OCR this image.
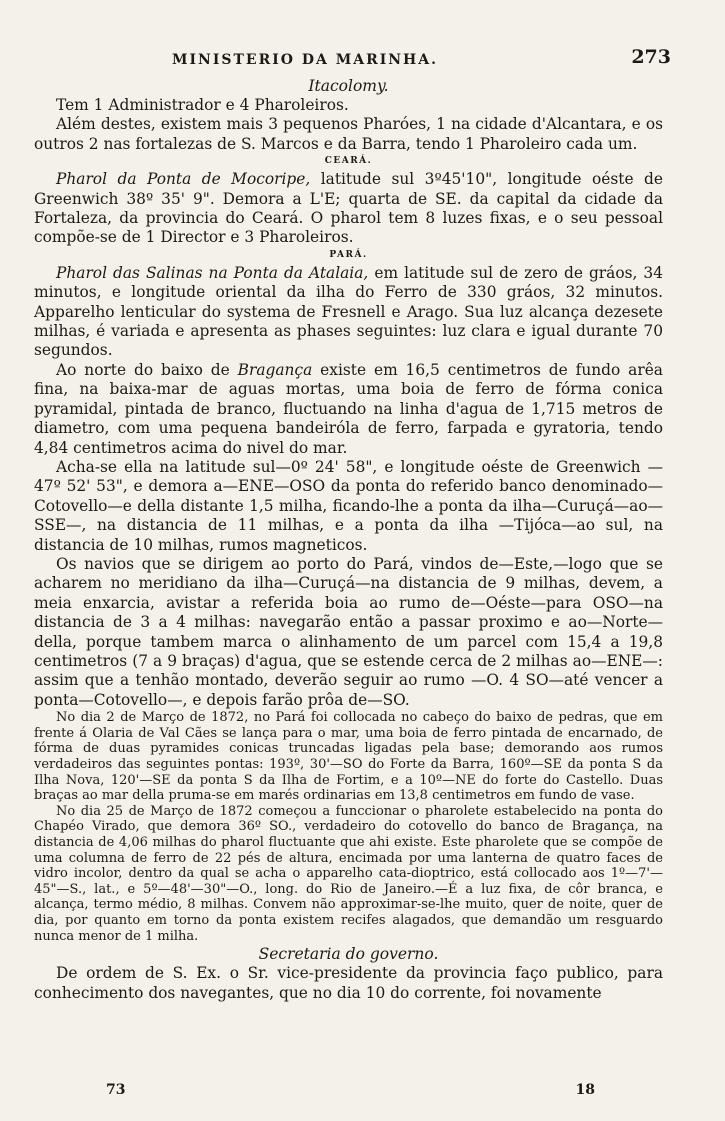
MINISTERIO DA MARINHA.	273
Itacolomy.

Tem 1 Administrador e 4 Pharoleiros.

Além destes, existem mais 3 pequenos Pharóes, 1 na cidade d'Alcantara, e os outros 2 nas fortalezas de S. Marcos e da Barra, tendo 1 Pharoleiro cada um.

CEARÁ.

Pharol da Ponta de Mocoripe, latitude sul 3º45'10", longitude oéste de Greenwich 38º 35' 9". Demora a L'E; quarta de SE. da capital da cidade da Fortaleza, da provincia do Ceará. O pharol tem 8 luzes fixas, e o seu pessoal compõe-se de 1 Director e 3 Pharoleiros.

PARÁ.

Pharol das Salinas na Ponta da Atalaia, em latitude sul de zero de gráos, 34 minutos, e longitude oriental da ilha do Ferro de 330 gráos, 32 minutos. Apparelho lenticular do systema de Fresnell e Arago. Sua luz alcança dezesete milhas, é variada e apresenta as phases seguintes: luz clara e igual durante 70 segundos.

Ao norte do baixo de Bragança existe em 16,5 centimetros de fundo arêa fina, na baixa-mar de aguas mortas, uma boia de ferro de fórma conica pyramidal, pintada de branco, fluctuando na linha d'agua de 1,715 metros de diametro, com uma pequena bandeiróla de ferro, farpada e gyratoria, tendo 4,84 centimetros acima do nivel do mar.

Acha-se ella na latitude sul—0º 24' 58", e longitude oéste de Greenwich —47º 52' 53", e demora a—ENE—OSO da ponta do referido banco denominado—Cotovello—e della distante 1,5 milha, ficando-lhe a ponta da ilha—Curuçá—ao—SSE—, na distancia de 11 milhas, e a ponta da ilha —Tijóca—ao sul, na distancia de 10 milhas, rumos magneticos.

Os navios que se dirigem ao porto do Pará, vindos de—Este,—logo que se acharem no meridiano da ilha—Curuçá—na distancia de 9 milhas, devem, a meia enxarcia, avistar a referida boia ao rumo de—Oéste—para OSO—na distancia de 3 a 4 milhas: navegarão então a passar proximo e ao—Norte—della, porque tambem marca o alinhamento de um parcel com 15,4 a 19,8 centimetros (7 a 9 braças) d'agua, que se estende cerca de 2 milhas ao—ENE—: assim que a tenhão montado, deverão seguir ao rumo —O. 4 SO—até vencer a ponta—Cotovello—, e depois farão prôa de—SO.

No dia 2 de Março de 1872, no Pará foi collocada no cabeço do baixo de pedras, que em frente á Olaria de Val Cães se lança para o mar, uma boia de ferro pintada de encarnado, de fórma de duas pyramides conicas truncadas ligadas pela base; demorando aos rumos verdadeiros das seguintes pontas: 193º, 30'—SO do Forte da Barra, 160º—SE da ponta S da Ilha Nova, 120'—SE da ponta S da Ilha de Fortim, e a 10º—NE do forte do Castello. Duas braças ao mar della pruma-se em marés ordinarias em 13,8 centimetros em fundo de vase.

No dia 25 de Março de 1872 começou a funccionar o pharolete estabelecido na ponta do Chapéo Virado, que demora 36º SO., verdadeiro do cotovello do banco de Bragança, na distancia de 4,06 milhas do pharol fluctuante que ahi existe. Este pharolete que se compõe de uma columna de ferro de 22 pés de altura, encimada por uma lanterna de quatro faces de vidro incolor, dentro da qual se acha o apparelho cata-dioptrico, está collocado aos 1º—7'—45"—S., lat., e 5º—48'—30"—O., long. do Rio de Janeiro.—É a luz fixa, de côr branca, e alcança, termo médio, 8 milhas. Convem não approximar-se-lhe muito, quer de noite, quer de dia, por quanto em torno da ponta existem recifes alagados, que demandão um resguardo nunca menor de 1 milha.

Secretaria do governo.

De ordem de S. Ex. o Sr. vice-presidente da provincia faço publico, para conhecimento dos navegantes, que no dia 10 do corrente, foi novamente

73	18
